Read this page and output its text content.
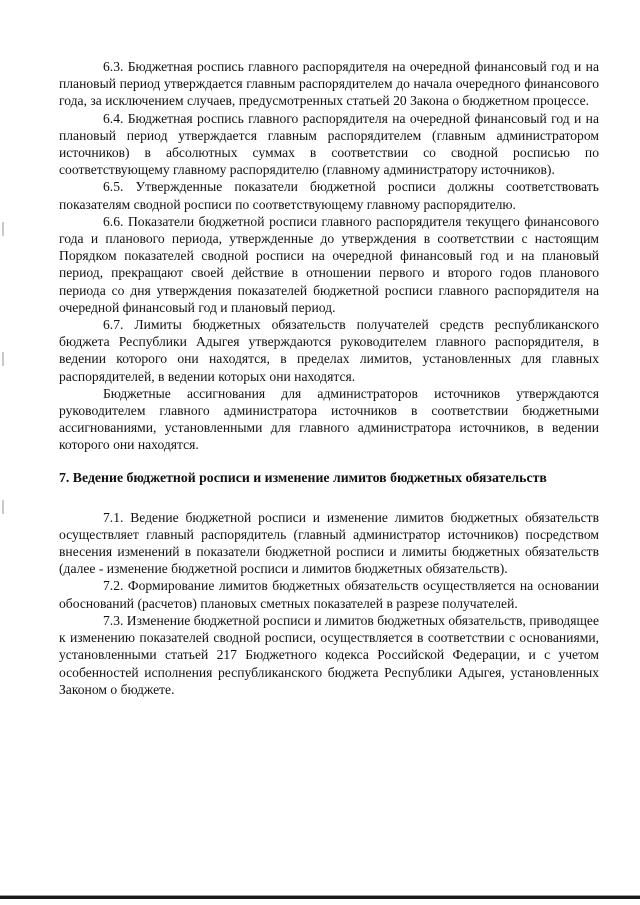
6.3. Бюджетная роспись главного распорядителя на очередной финансовый год и на плановый период утверждается главным распорядителем до начала очередного финансового года, за исключением случаев, предусмотренных статьей 20 Закона о бюджетном процессе.

6.4. Бюджетная роспись главного распорядителя на очередной финансовый год и на плановый период утверждается главным распорядителем (главным администратором источников) в абсолютных суммах в соответствии со сводной росписью по соответствующему главному распорядителю (главному администратору источников).

6.5. Утвержденные показатели бюджетной росписи должны соответствовать показателям сводной росписи по соответствующему главному распорядителю.

6.6. Показатели бюджетной росписи главного распорядителя текущего финансового года и планового периода, утвержденные до утверждения в соответствии с настоящим Порядком показателей сводной росписи на очередной финансовый год и на плановый период, прекращают своей действие в отношении первого и второго годов планового периода со дня утверждения показателей бюджетной росписи главного распорядителя на очередной финансовый год и плановый период.

6.7. Лимиты бюджетных обязательств получателей средств республиканского бюджета Республики Адыгея утверждаются руководителем главного распорядителя, в ведении которого они находятся, в пределах лимитов, установленных для главных распорядителей, в ведении которых они находятся.

Бюджетные ассигнования для администраторов источников утверждаются руководителем главного администратора источников в соответствии бюджетными ассигнованиями, установленными для главного администратора источников, в ведении которого они находятся.

7. Ведение бюджетной росписи и изменение лимитов бюджетных обязательств

7.1. Ведение бюджетной росписи и изменение лимитов бюджетных обязательств осуществляет главный распорядитель (главный администратор источников) посредством внесения изменений в показатели бюджетной росписи и лимиты бюджетных обязательств (далее - изменение бюджетной росписи и лимитов бюджетных обязательств).

7.2. Формирование лимитов бюджетных обязательств осуществляется на основании обоснований (расчетов) плановых сметных показателей в разрезе получателей.

7.3. Изменение бюджетной росписи и лимитов бюджетных обязательств, приводящее к изменению показателей сводной росписи, осуществляется в соответствии с основаниями, установленными статьей 217 Бюджетного кодекса Российской Федерации, и с учетом особенностей исполнения республиканского бюджета Республики Адыгея, установленных Законом о бюджете.
